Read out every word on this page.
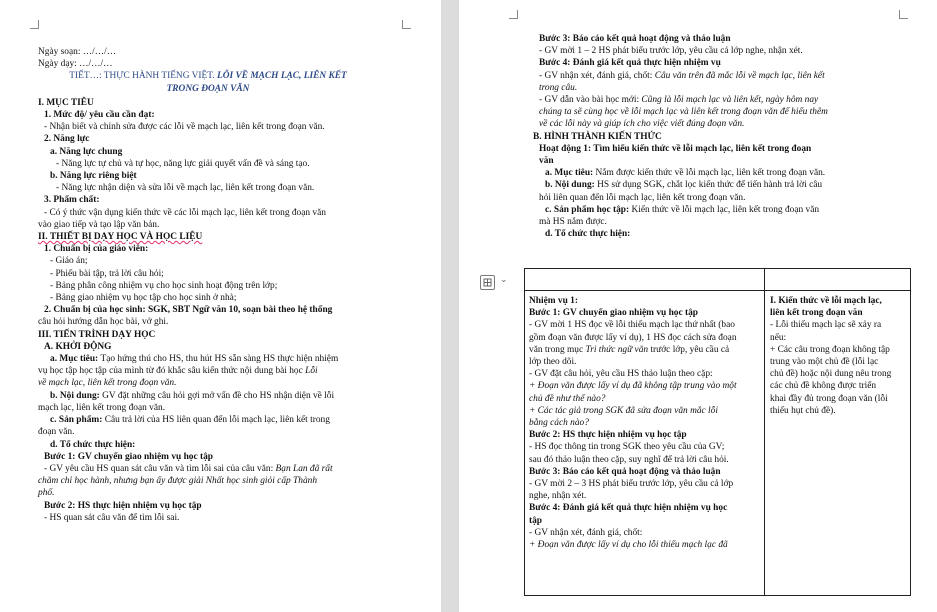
Ngày soạn: …/…/…
Ngày dạy: …/…/…
TIẾT…: THỰC HÀNH TIẾNG VIỆT. LỖI VỀ MẠCH LẠC, LIÊN KẾT
TRONG ĐOẠN VĂN
I. MỤC TIÊU
1. Mức độ/ yêu cầu cần đạt:
- Nhận biết và chỉnh sửa được các lỗi về mạch lạc, liên kết trong đoạn văn.
2. Năng lực
a. Năng lực chung
- Năng lực tự chủ và tự học, năng lực giải quyết vấn đề và sáng tạo.
b. Năng lực riêng biệt
- Năng lực nhận diện và sửa lỗi về mạch lạc, liên kết trong đoạn văn.
3. Phẩm chất:
- Có ý thức vận dụng kiến thức về các lỗi mạch lạc, liên kết trong đoạn văn
vào giao tiếp và tạo lập văn bản.
II. THIẾT BỊ DẠY HỌC VÀ HỌC LIỆU
1. Chuẩn bị của giáo viên:
- Giáo án;
- Phiếu bài tập, trả lời câu hỏi;
- Bảng phân công nhiệm vụ cho học sinh hoạt động trên lớp;
- Bảng giao nhiệm vụ học tập cho học sinh ở nhà;
2. Chuẩn bị của học sinh: SGK, SBT Ngữ văn 10, soạn bài theo hệ thống
câu hỏi hướng dẫn học bài, vở ghi.
III. TIẾN TRÌNH DẠY HỌC
A. KHỞI ĐỘNG
a. Mục tiêu: Tạo hứng thú cho HS, thu hút HS sẵn sàng HS thực hiện nhiệm
vụ học tập học tập của mình từ đó khắc sâu kiến thức nội dung bài học Lỗi
về mạch lạc, liên kết trong đoạn văn.
b. Nội dung: GV đặt những câu hỏi gợi mở vấn đề cho HS nhận diện về lỗi
mạch lạc, liên kết trong đoạn văn.
c. Sản phẩm: Câu trả lời của HS liên quan đến lỗi mạch lạc, liên kết trong
đoạn văn.
d. Tổ chức thực hiện:
Bước 1: GV chuyển giao nhiệm vụ học tập
- GV yêu cầu HS quan sát câu văn và tìm lỗi sai của câu văn: Bạn Lan đã rất
chăm chỉ học hành, nhưng bạn ấy được giải Nhất học sinh giỏi cấp Thành
phố.
Bước 2: HS thực hiện nhiệm vụ học tập
- HS quan sát câu văn để tìm lỗi sai.
Bước 3: Báo cáo kết quả hoạt động và thảo luận
- GV mời 1 – 2 HS phát biểu trước lớp, yêu cầu cả lớp nghe, nhận xét.
Bước 4: Đánh giá kết quả thực hiện nhiệm vụ
- GV nhận xét, đánh giá, chốt: Câu văn trên đã mắc lỗi về mạch lạc, liên kết
trong câu.
- GV dẫn vào bài học mới: Cũng là lỗi mạch lạc và liên kết, ngày hôm nay
chúng ta sẽ cùng học về lỗi mạch lạc và liên kết trong đoạn văn để hiểu thêm
về các lỗi này và giúp ích cho việc viết đúng đoạn văn.
B. HÌNH THÀNH KIẾN THỨC
Hoạt động 1: Tìm hiểu kiến thức về lỗi mạch lạc, liên kết trong đoạn
văn
a. Mục tiêu: Nắm được kiến thức về lỗi mạch lạc, liên kết trong đoạn văn.
b. Nội dung: HS sử dụng SGK, chắt lọc kiến thức để tiến hành trả lời câu
hỏi liên quan đến lỗi mạch lạc, liên kết trong đoạn văn.
c. Sản phẩm học tập: Kiến thức về lỗi mạch lạc, liên kết trong đoạn văn
mà HS nắm được.
d. Tổ chức thực hiện:
Nhiệm vụ 1:
Bước 1: GV chuyển giao nhiệm vụ học tập
- GV mời 1 HS đọc về lỗi thiếu mạch lạc thứ nhất (bao
gồm đoạn văn được lấy ví dụ), 1 HS đọc cách sửa đoạn
văn trong mục Tri thức ngữ văn trước lớp, yêu cầu cả
lớp theo dõi.
- GV đặt câu hỏi, yêu cầu HS thảo luận theo cặp:
+ Đoạn văn được lấy ví dụ đã không tập trung vào một
chủ đề như thế nào?
+ Các tác giả trong SGK đã sửa đoạn văn mắc lỗi
bằng cách nào?
Bước 2: HS thực hiện nhiệm vụ học tập
- HS đọc thông tin trong SGK theo yêu cầu của GV;
sau đó thảo luận theo cặp, suy nghĩ để trả lời câu hỏi.
Bước 3: Báo cáo kết quả hoạt động và thảo luận
- GV mời 2 – 3 HS phát biểu trước lớp, yêu cầu cả lớp
nghe, nhận xét.
Bước 4: Đánh giá kết quả thực hiện nhiệm vụ học
tập
- GV nhận xét, đánh giá, chốt:
+ Đoạn văn được lấy ví dụ cho lỗi thiếu mạch lạc đã
I. Kiến thức về lỗi mạch lạc,
liên kết trong đoạn văn
- Lỗi thiếu mạch lạc sẽ xảy ra
nếu:
+ Các câu trong đoạn không tập
trung vào một chủ đề (lỗi lạc
chủ đề) hoặc nội dung nêu trong
các chủ đề không được triển
khai đầy đủ trong đoạn văn (lỗi
thiếu hụt chủ đề).
⌄
